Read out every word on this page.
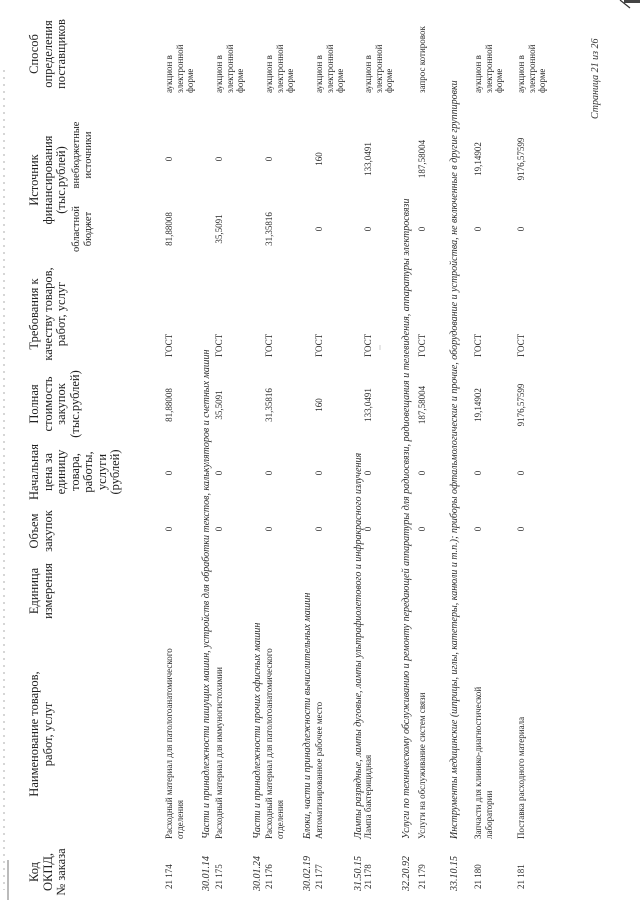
Код ОКПД, № заказа
Наименование товаров, работ, услуг
Единица измерения
Объем закупок
Начальная цена за единицу товара, работы, услуги (рублей)
Полная стоимость закупок (тыс.рублей)
Требования к качеству товаров, работ, услуг
Источник финансирования (тыс.рублей)
Способ определения поставщиков
областной бюджет
внебюджетные источники
21 174
Расходный материал для патологоанатомического отделения
0
0
81,88008
ГОСТ
81,88008
0
аукцион в электронной форме
30.01.14
Части и принадлежности пишущих машин, устройств для обработки текстов, калькуляторов и счетных машин
21 175
Расходный материал для иммуногистохимии
0
0
35,5091
ГОСТ
35,5091
0
аукцион в электронной форме
30.01.24
Части и принадлежности прочих офисных машин
21 176
Расходный материал для патологоанатомического отделения
0
0
31,35816
ГОСТ
31,35816
0
аукцион в электронной форме
30.02.19
Блоки, части и принадлежности вычислительных машин
21 177
Автоматизированное рабочее место
0
0
160
ГОСТ
0
160
аукцион в электронной форме
31.50.15
Лампы разрядные, лампы дуговые, лампы ультрафиолетового и инфракрасного излучения
21 178
Лампа бактерицидная
0
0
133,0491
ГОСТ
0
133,0491
аукцион в электронной форме
32.20.92
Услуги по техническому обслуживанию и ремонту передающей аппаратуры для радиосвязи, радиовещания и телевидения, аппаратуры электросвязи
21 179
Услуги на обслуживание систем связи
0
0
187,58004
ГОСТ
0
187,58004
запрос котировок
33.10.15
Инструменты медицинские (шприцы, иглы, катетеры, канюли и т.п.); приборы офтальмологические и прочие, оборудование и устройства, не включенные в другие группировки
21 180
Запчасти для клинико-диагностической лаборатории
0
0
19,14902
ГОСТ
0
19,14902
аукцион в электронной форме
21 181
Поставка расходного материала
0
0
9176,57599
ГОСТ
0
9176,57599
аукцион в электронной форме	Страница 21 из 26
